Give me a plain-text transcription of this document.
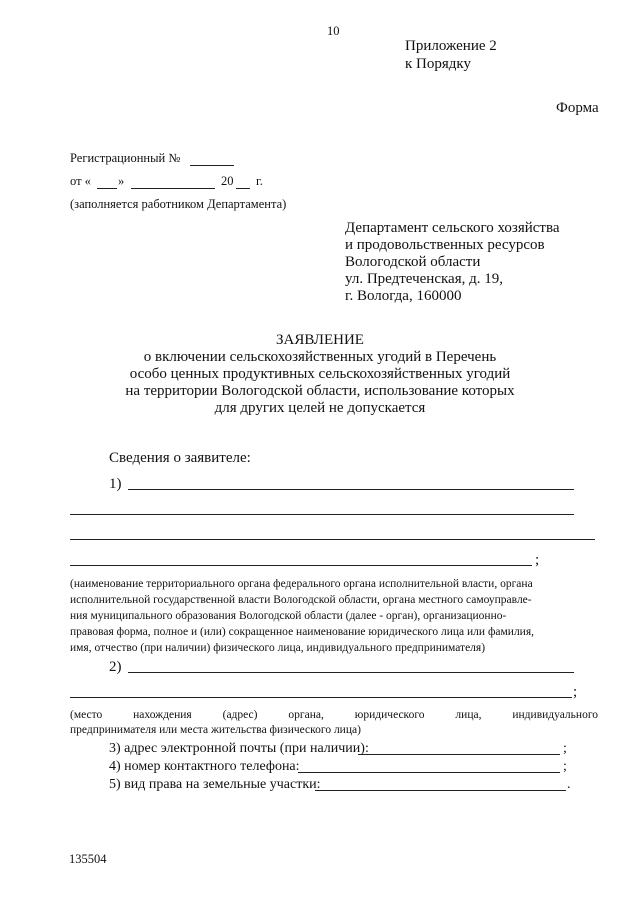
10
Приложение 2
к Порядку
Форма
Регистрационный №
от « »	20 г.
(заполняется работником Департамента)
Департамент сельского хозяйства
и продовольственных ресурсов
Вологодской области
ул. Предтеченская, д. 19,
г. Вологда, 160000
ЗАЯВЛЕНИЕ
о включении сельскохозяйственных угодий в Перечень
особо ценных продуктивных сельскохозяйственных угодий
на территории Вологодской области, использование которых
для других целей не допускается
Сведения о заявителе:
1)
;
(наименование территориального органа федерального органа исполнительной власти, органа
исполнительной государственной власти Вологодской области, органа местного самоуправле-
ния муниципального образования Вологодской области (далее - орган), организационно-
правовая форма, полное и (или) сокращенное наименование юридического лица или фамилия,
имя, отчество (при наличии) физического лица, индивидуального предпринимателя)
2)
;
(место нахождения (адрес) органа, юридического лица, индивидуального
предпринимателя или места жительства физического лица)
3) адрес электронной почты (при наличии):	;
4) номер контактного телефона:	;
5) вид права на земельные участки:	.
135504
